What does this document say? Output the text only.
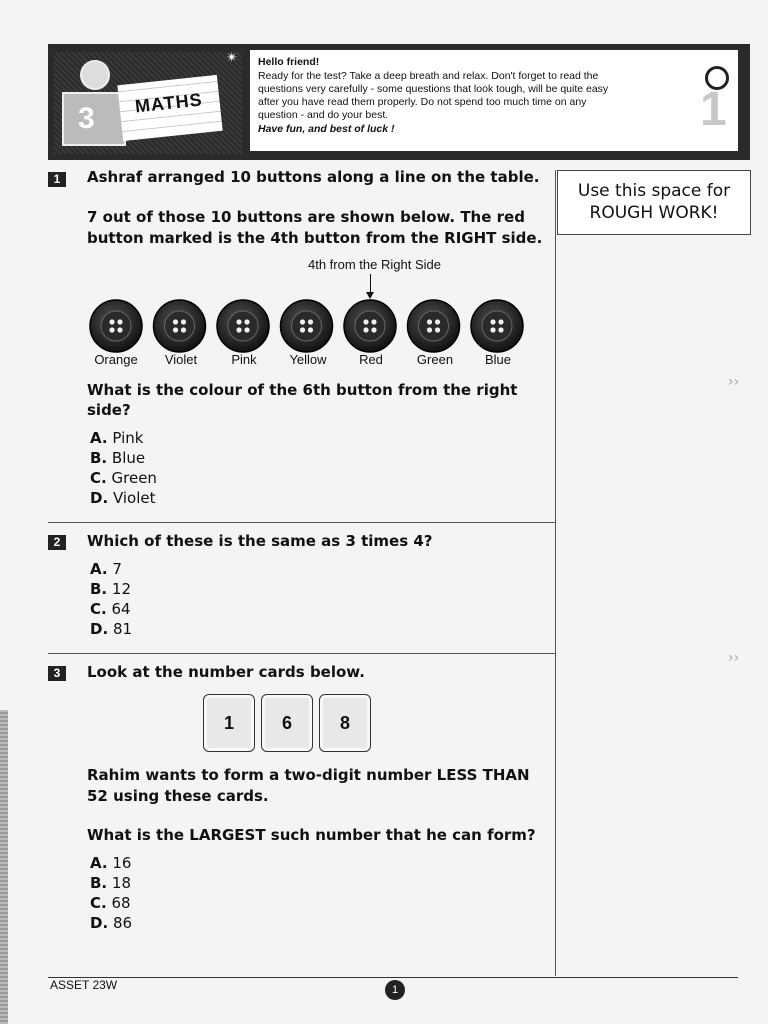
3 MATHS
✴ Hello friend!
Ready for the test? Take a deep breath and relax. Don't forget to read the
questions very carefully - some questions that look tough, will be quite easy
after you have read them properly. Do not spend too much time on any
question - and do your best.
Have fun, and best of luck !	1
Use this space for
ROUGH WORK!
1	Ashraf arranged 10 buttons along a line on the table.
7 out of those 10 buttons are shown below. The red
button marked is the 4th button from the RIGHT side.
4th from the Right Side
Orange	Violet	Pink	Yellow	Red	Green	Blue
What is the colour of the 6th button from the right
side?
A. Pink
B. Blue
C. Green
D. Violet
2	Which of these is the same as 3 times 4?
A. 7
B. 12
C. 64
D. 81
3	Look at the number cards below.
1	6	8
Rahim wants to form a two-digit number LESS THAN
52 using these cards.
What is the LARGEST such number that he can form?
A. 16
B. 18
C. 68
D. 86
ASSET 23W	1
››
››
